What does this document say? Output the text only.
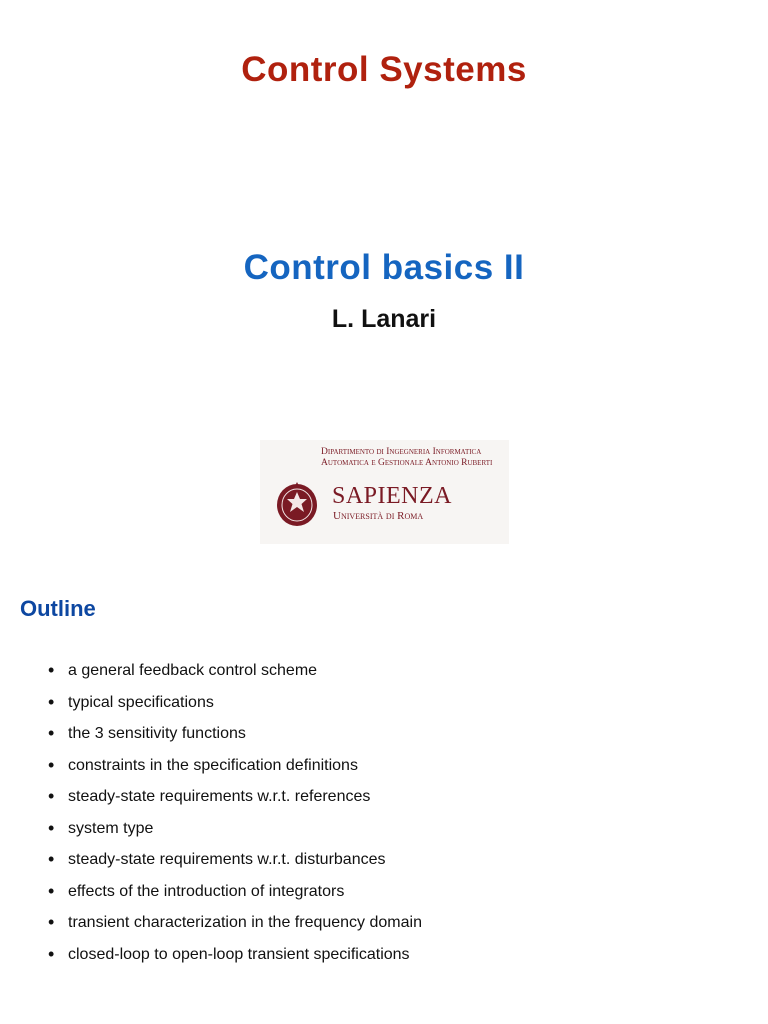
Control Systems
Control basics II
L. Lanari
Dipartimento di Ingegneria Informatica
Automatica e Gestionale Antonio Ruberti
SAPIENZA
Università di Roma
Outline
• a general feedback control scheme
• typical specifications
• the 3 sensitivity functions
• constraints in the specification definitions
• steady-state requirements w.r.t. references
• system type
• steady-state requirements w.r.t. disturbances
• effects of the introduction of integrators
• transient characterization in the frequency domain
• closed-loop to open-loop transient specifications
